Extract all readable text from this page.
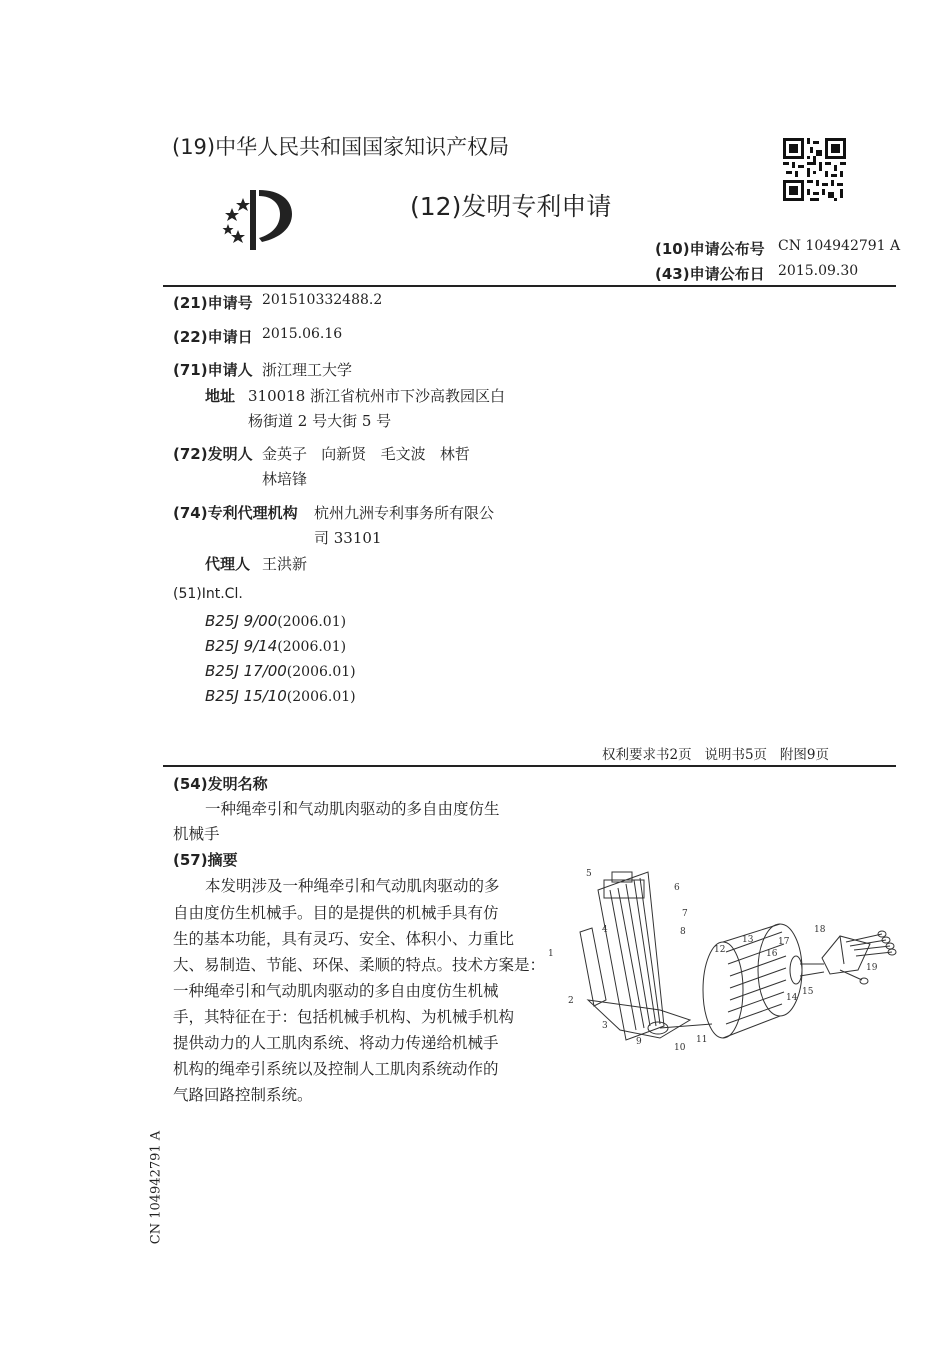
(19)中华人民共和国国家知识产权局
(12)发明专利申请
(10)申请公布号 CN 104942791 A
(43)申请公布日 2015.09.30
(21)申请号 201510332488.2
(22)申请日 2015.06.16
(71)申请人 浙江理工大学
地址 310018 浙江省杭州市下沙高教园区白
杨街道 2 号大街 5 号
(72)发明人 金英子   向新贤   毛文波   林哲
林培锋
(74)专利代理机构 杭州九洲专利事务所有限公
司 33101
代理人 王洪新
(51)Int.Cl.
B25J 9/00(2006.01)
B25J 9/14(2006.01)
B25J 17/00(2006.01)
B25J 15/10(2006.01)
权利要求书2页   说明书5页   附图9页
(54)发明名称
一种绳牵引和气动肌肉驱动的多自由度仿生
机械手
(57)摘要
本发明涉及一种绳牵引和气动肌肉驱动的多
自由度仿生机械手。目的是提供的机械手具有仿
生的基本功能，具有灵巧、安全、体积小、力重比
大、易制造、节能、环保、柔顺的特点。技术方案是：
一种绳牵引和气动肌肉驱动的多自由度仿生机械
手，其特征在于：包括机械手机构、为机械手机构
提供动力的人工肌肉系统、将动力传递给机械手
机构的绳牵引系统以及控制人工肌肉系统动作的
气路回路控制系统。
1
2
3
4
5
6
7
8
9
10
11
12
13
14
15
16
17
18
19
CN 104942791 A
